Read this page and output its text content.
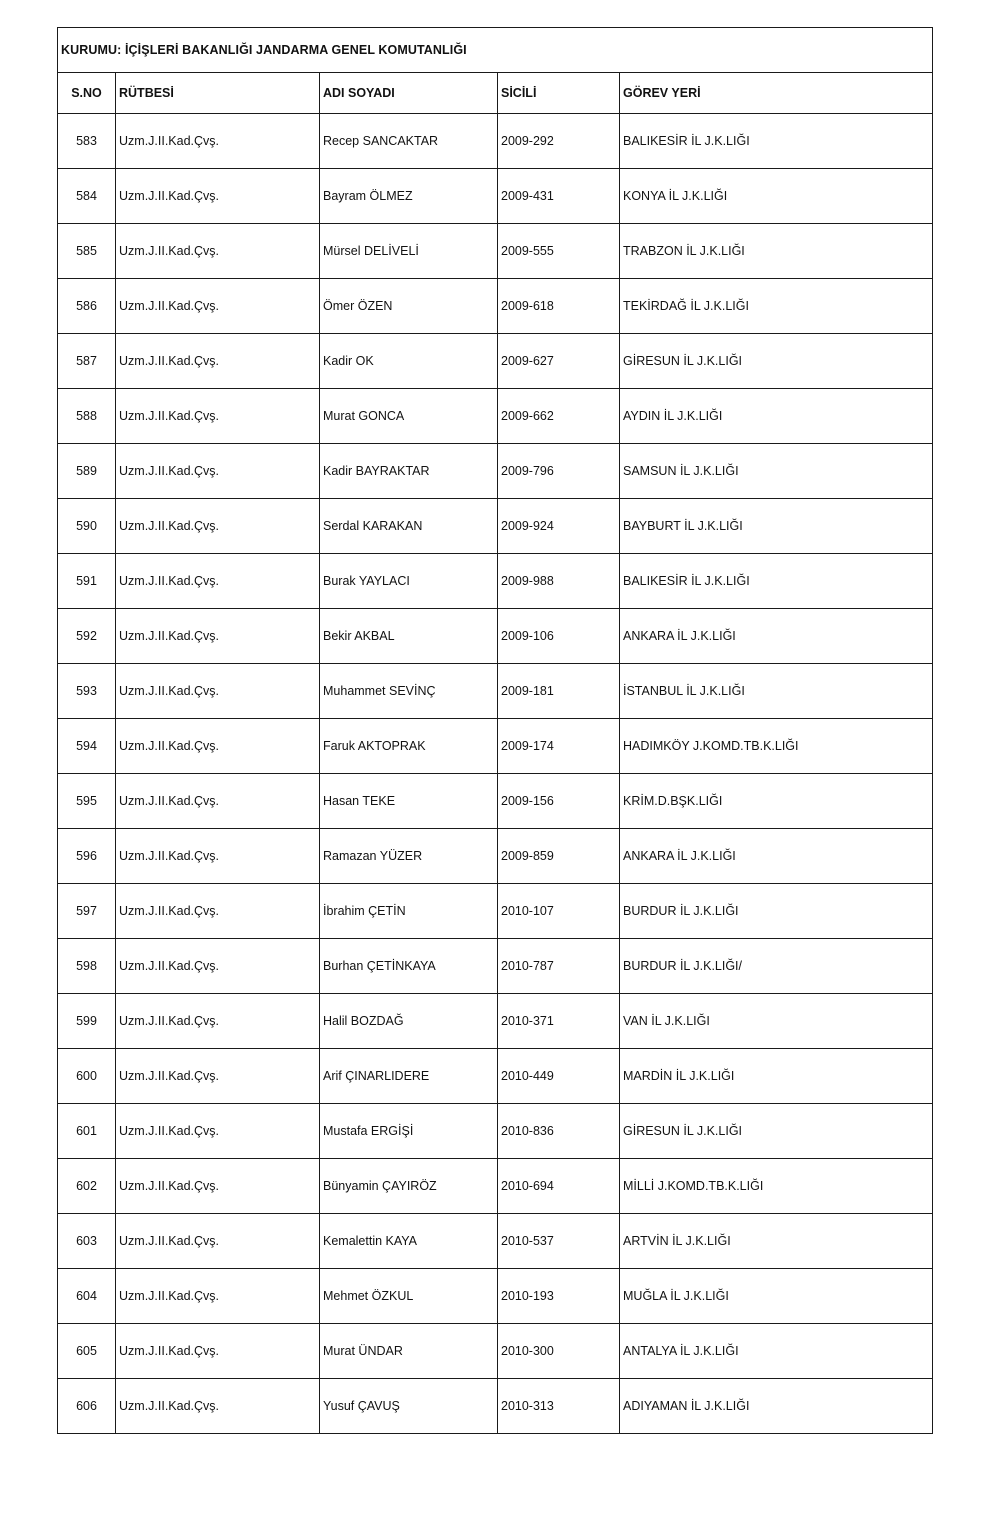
KURUMU: İÇİŞLERİ BAKANLIĞI JANDARMA GENEL KOMUTANLIĞI				
S.NO	RÜTBESİ	ADI SOYADI	SİCİLİ	GÖREV YERİ
583	Uzm.J.II.Kad.Çvş.	Recep SANCAKTAR	2009-292	BALIKESİR İL J.K.LIĞI
584	Uzm.J.II.Kad.Çvş.	Bayram ÖLMEZ	2009-431	KONYA İL J.K.LIĞI
585	Uzm.J.II.Kad.Çvş.	Mürsel DELİVELİ	2009-555	TRABZON İL J.K.LIĞI
586	Uzm.J.II.Kad.Çvş.	Ömer ÖZEN	2009-618	TEKİRDAĞ İL J.K.LIĞI
587	Uzm.J.II.Kad.Çvş.	Kadir OK	2009-627	GİRESUN İL J.K.LIĞI
588	Uzm.J.II.Kad.Çvş.	Murat GONCA	2009-662	AYDIN İL J.K.LIĞI
589	Uzm.J.II.Kad.Çvş.	Kadir BAYRAKTAR	2009-796	SAMSUN İL J.K.LIĞI
590	Uzm.J.II.Kad.Çvş.	Serdal KARAKAN	2009-924	BAYBURT İL J.K.LIĞI
591	Uzm.J.II.Kad.Çvş.	Burak YAYLACI	2009-988	BALIKESİR İL J.K.LIĞI
592	Uzm.J.II.Kad.Çvş.	Bekir AKBAL	2009-106	ANKARA İL J.K.LIĞI
593	Uzm.J.II.Kad.Çvş.	Muhammet SEVİNÇ	2009-181	İSTANBUL İL J.K.LIĞI
594	Uzm.J.II.Kad.Çvş.	Faruk AKTOPRAK	2009-174	HADIMKÖY J.KOMD.TB.K.LIĞI
595	Uzm.J.II.Kad.Çvş.	Hasan TEKE	2009-156	KRİM.D.BŞK.LIĞI
596	Uzm.J.II.Kad.Çvş.	Ramazan YÜZER	2009-859	ANKARA İL J.K.LIĞI
597	Uzm.J.II.Kad.Çvş.	İbrahim ÇETİN	2010-107	BURDUR İL J.K.LIĞI
598	Uzm.J.II.Kad.Çvş.	Burhan ÇETİNKAYA	2010-787	BURDUR İL J.K.LIĞI/
599	Uzm.J.II.Kad.Çvş.	Halil BOZDAĞ	2010-371	VAN İL J.K.LIĞI
600	Uzm.J.II.Kad.Çvş.	Arif ÇINARLIDERE	2010-449	MARDİN İL J.K.LIĞI
601	Uzm.J.II.Kad.Çvş.	Mustafa ERGİŞİ	2010-836	GİRESUN İL J.K.LIĞI
602	Uzm.J.II.Kad.Çvş.	Bünyamin ÇAYIRÖZ	2010-694	MİLLİ J.KOMD.TB.K.LIĞI
603	Uzm.J.II.Kad.Çvş.	Kemalettin KAYA	2010-537	ARTVİN İL J.K.LIĞI
604	Uzm.J.II.Kad.Çvş.	Mehmet ÖZKUL	2010-193	MUĞLA İL J.K.LIĞI
605	Uzm.J.II.Kad.Çvş.	Murat ÜNDAR	2010-300	ANTALYA İL J.K.LIĞI
606	Uzm.J.II.Kad.Çvş.	Yusuf ÇAVUŞ	2010-313	ADIYAMAN İL J.K.LIĞI
